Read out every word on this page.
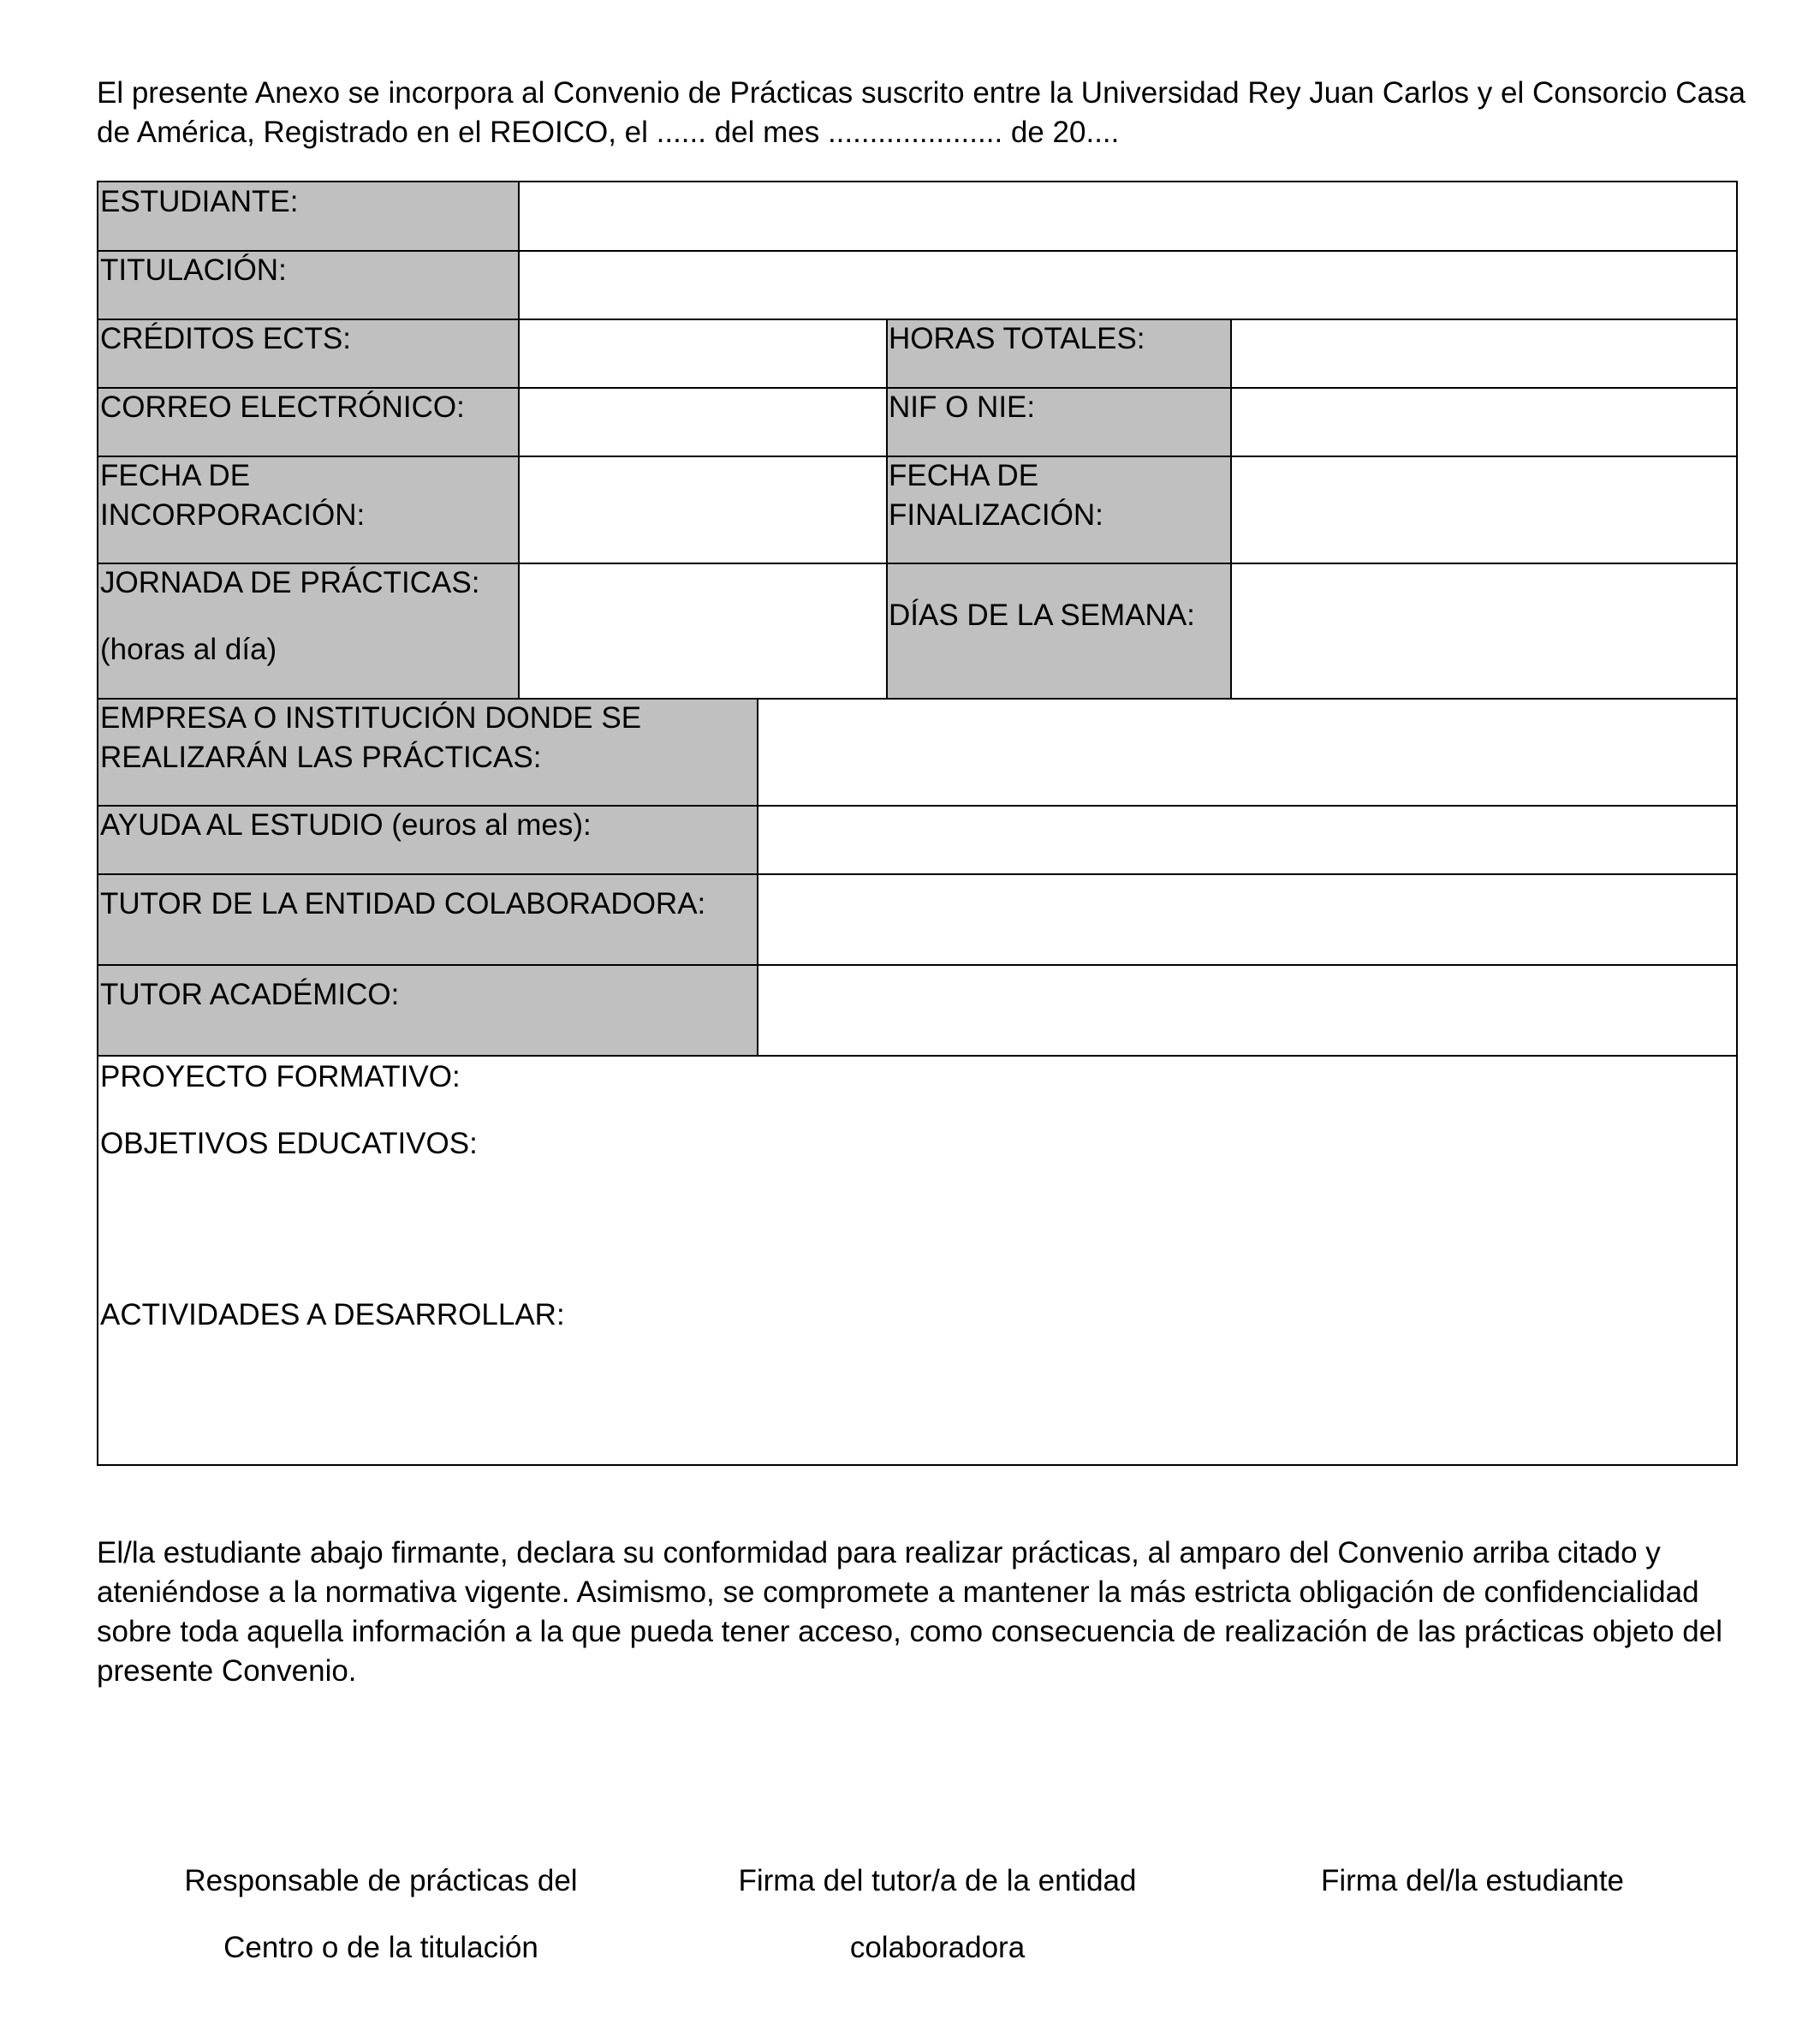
El presente Anexo se incorpora al Convenio de Prácticas suscrito entre la Universidad Rey Juan Carlos y el Consorcio Casa de América, Registrado en el REOICO, el ...... del mes ..................... de 20....

ESTUDIANTE:
TITULACIÓN:
CRÉDITOS ECTS:	HORAS TOTALES:
CORREO ELECTRÓNICO:	NIF O NIE:
FECHA DE INCORPORACIÓN:
FECHA DE FINALIZACIÓN:
JORNADA DE PRÁCTICAS:
(horas al día)
DÍAS DE LA SEMANA:
EMPRESA O INSTITUCIÓN DONDE SE REALIZARÁN LAS PRÁCTICAS:
AYUDA AL ESTUDIO (euros al mes):
TUTOR DE LA ENTIDAD COLABORADORA:
TUTOR ACADÉMICO:
PROYECTO FORMATIVO:
OBJETIVOS EDUCATIVOS:
ACTIVIDADES A DESARROLLAR:

El/la estudiante abajo firmante, declara su conformidad para realizar prácticas, al amparo del Convenio arriba citado y ateniéndose a la normativa vigente. Asimismo, se compromete a mantener la más estricta obligación de confidencialidad sobre toda aquella información a la que pueda tener acceso, como consecuencia de realización de las prácticas objeto del presente Convenio.

Responsable de prácticas del
Centro o de la titulación
Firma del tutor/a de la entidad
colaboradora
Firma del/la estudiante
